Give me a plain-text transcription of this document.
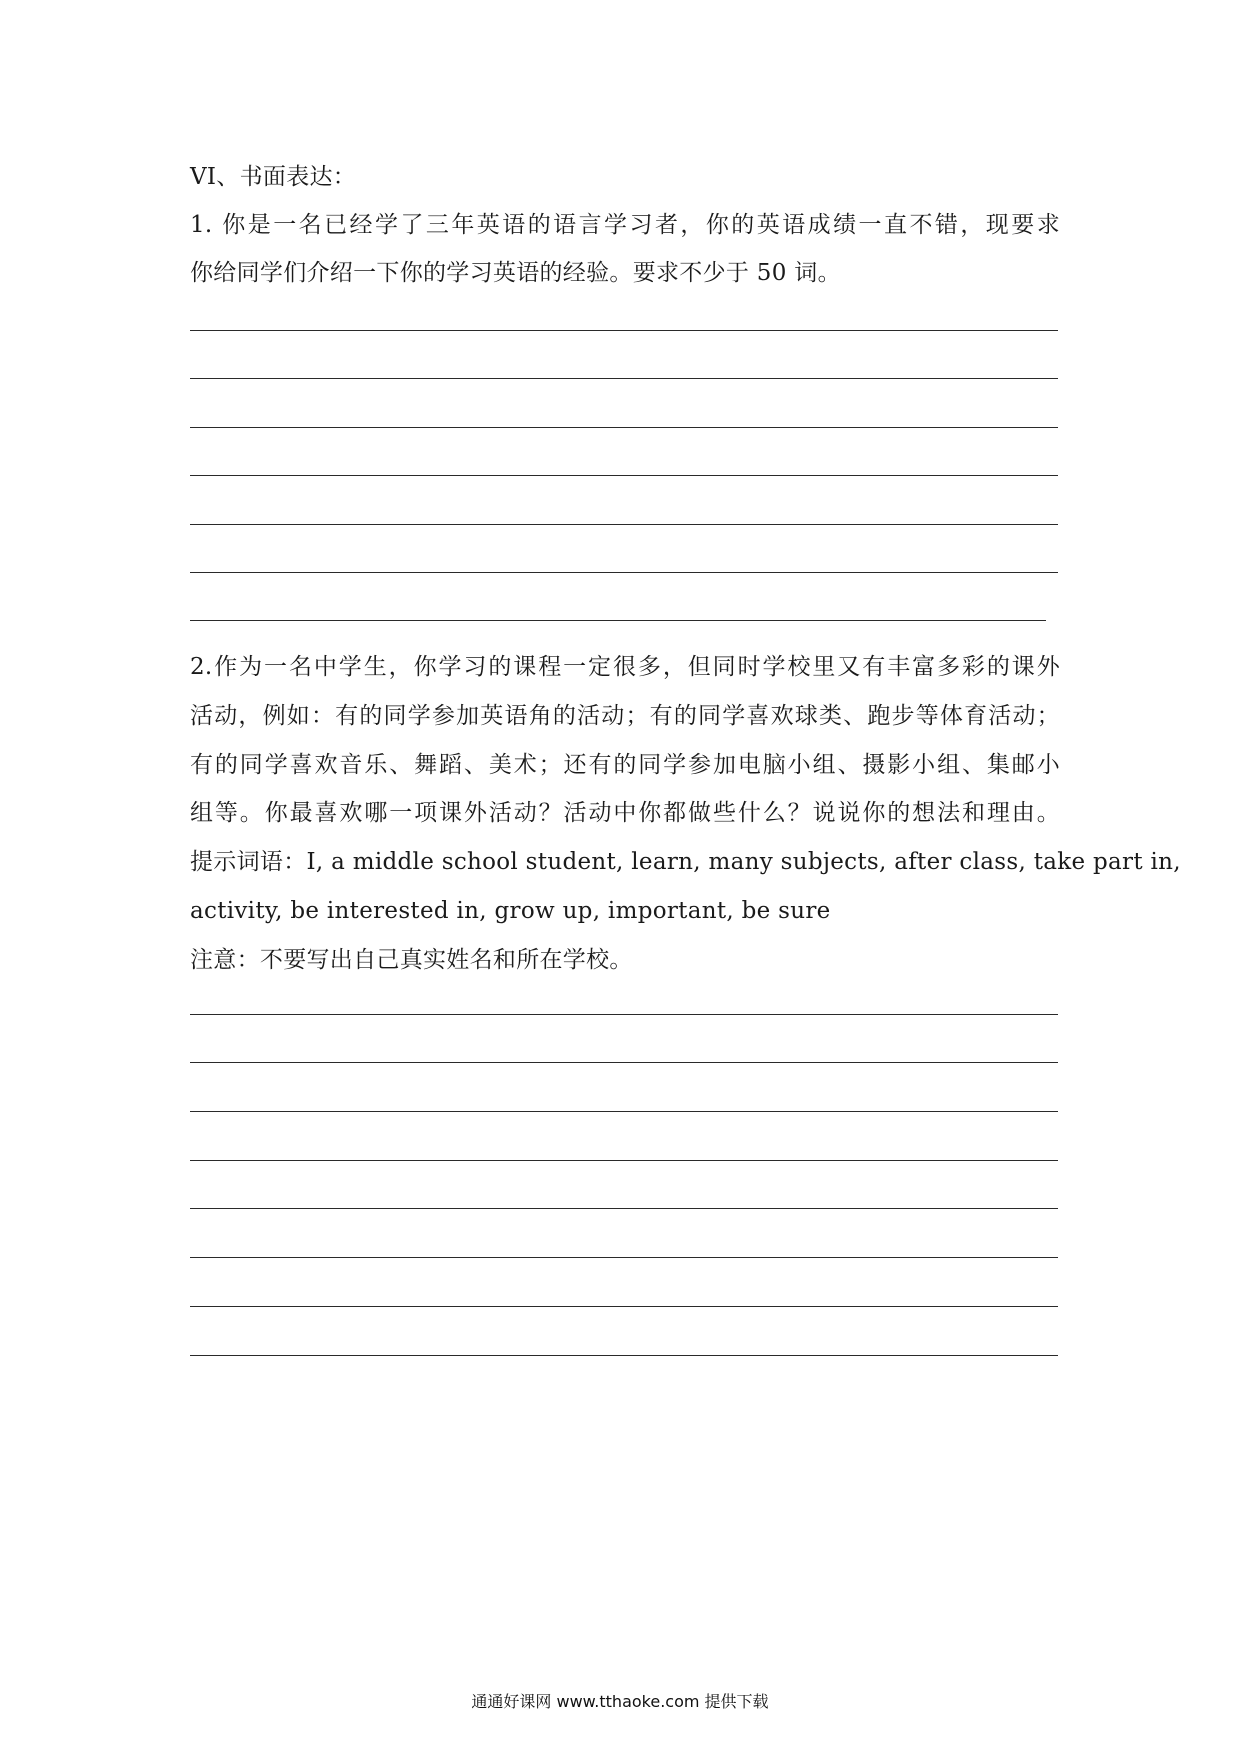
VI、书面表达：
1. 你是一名已经学了三年英语的语言学习者，你的英语成绩一直不错，现要求
你给同学们介绍一下你的学习英语的经验。要求不少于 50 词。
2.作为一名中学生，你学习的课程一定很多，但同时学校里又有丰富多彩的课外
活动，例如：有的同学参加英语角的活动；有的同学喜欢球类、跑步等体育活动；
有的同学喜欢音乐、舞蹈、美术；还有的同学参加电脑小组、摄影小组、集邮小
组等。你最喜欢哪一项课外活动？活动中你都做些什么？说说你的想法和理由。
提示词语：I, a middle school student, learn, many subjects, after class, take part in,
activity, be interested in, grow up, important, be sure
注意：不要写出自己真实姓名和所在学校。
通通好课网 www.tthaoke.com 提供下载
